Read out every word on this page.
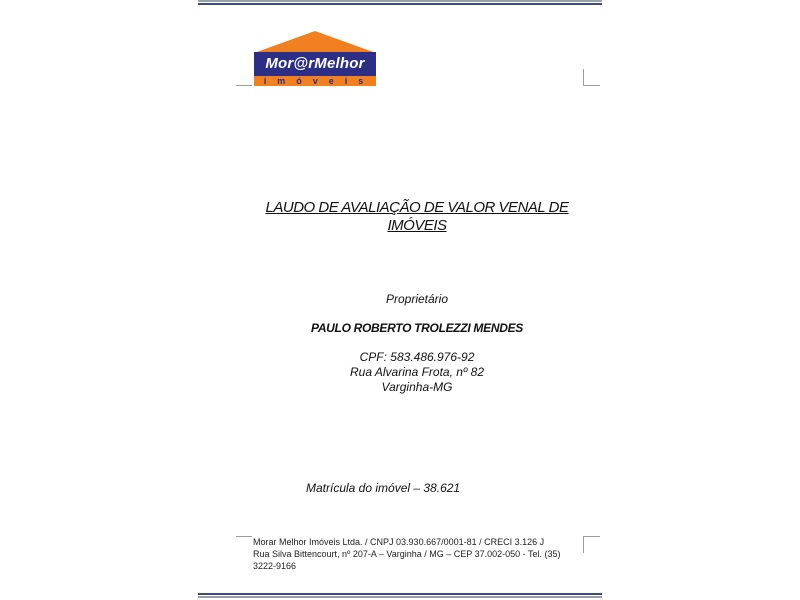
Mor@rMelhor
imóveis
LAUDO DE AVALIAÇÃO DE VALOR VENAL DE IMÓVEIS
Proprietário
PAULO ROBERTO TROLEZZI MENDES
CPF: 583.486.976-92
Rua Alvarina Frota, nº 82
Varginha-MG
Matrícula do imóvel – 38.621
Morar Melhor Imóveis Ltda. / CNPJ 03.930.667/0001-81 / CRECI 3.126 J
Rua Silva Bittencourt, nº 207-A – Varginha / MG – CEP 37.002-050 - Tel. (35) 3222-9166
